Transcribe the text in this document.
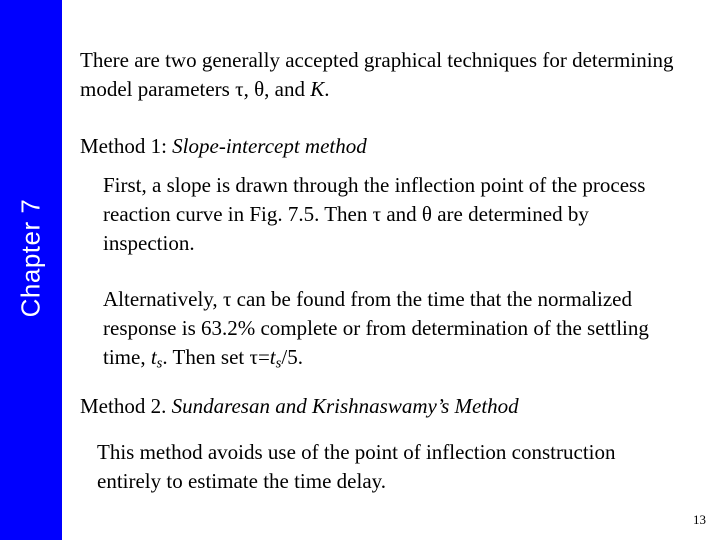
Chapter 7
There are two generally accepted graphical techniques for determining model parameters τ, θ, and K.
Method 1: Slope-intercept method
First, a slope is drawn through the inflection point of the process reaction curve in Fig. 7.5. Then τ and θ are determined by inspection.
Alternatively, τ can be found from the time that the normalized response is 63.2% complete or from determination of the settling time, $t_s$. Then set $\tau=t_s/5$.
Method 2. Sundaresan and Krishnaswamy’s Method
This method avoids use of the point of inflection construction entirely to estimate the time delay.
13
